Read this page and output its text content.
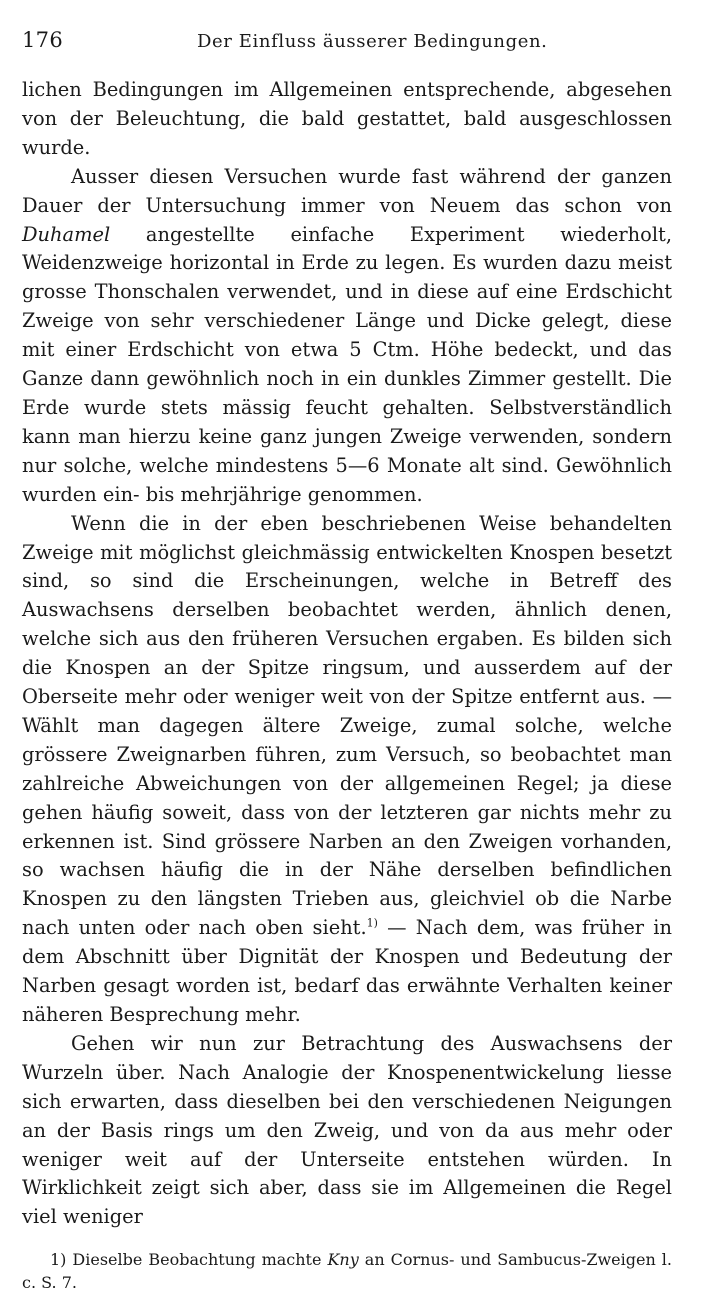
176	Der Einfluss äusserer Bedingungen.

lichen Bedingungen im Allgemeinen entsprechende, abgesehen von der Beleuchtung, die bald gestattet, bald ausgeschlossen wurde.

Ausser diesen Versuchen wurde fast während der ganzen Dauer der Untersuchung immer von Neuem das schon von Duhamel angestellte einfache Experiment wiederholt, Weidenzweige horizontal in Erde zu legen. Es wurden dazu meist grosse Thonschalen verwendet, und in diese auf eine Erdschicht Zweige von sehr verschiedener Länge und Dicke gelegt, diese mit einer Erdschicht von etwa 5 Ctm. Höhe bedeckt, und das Ganze dann gewöhnlich noch in ein dunkles Zimmer gestellt. Die Erde wurde stets mässig feucht gehalten. Selbstverständlich kann man hierzu keine ganz jungen Zweige verwenden, sondern nur solche, welche mindestens 5—6 Monate alt sind. Gewöhnlich wurden ein- bis mehrjährige genommen.

Wenn die in der eben beschriebenen Weise behandelten Zweige mit möglichst gleichmässig entwickelten Knospen besetzt sind, so sind die Erscheinungen, welche in Betreff des Auswachsens derselben beobachtet werden, ähnlich denen, welche sich aus den früheren Versuchen ergaben. Es bilden sich die Knospen an der Spitze ringsum, und ausserdem auf der Oberseite mehr oder weniger weit von der Spitze entfernt aus. — Wählt man dagegen ältere Zweige, zumal solche, welche grössere Zweignarben führen, zum Versuch, so beobachtet man zahlreiche Abweichungen von der allgemeinen Regel; ja diese gehen häufig soweit, dass von der letzteren gar nichts mehr zu erkennen ist. Sind grössere Narben an den Zweigen vorhanden, so wachsen häufig die in der Nähe derselben befindlichen Knospen zu den längsten Trieben aus, gleichviel ob die Narbe nach unten oder nach oben sieht.$^{1)}$ — Nach dem, was früher in dem Abschnitt über Dignität der Knospen und Bedeutung der Narben gesagt worden ist, bedarf das erwähnte Verhalten keiner näheren Besprechung mehr.

Gehen wir nun zur Betrachtung des Auswachsens der Wurzeln über. Nach Analogie der Knospenentwickelung liesse sich erwarten, dass dieselben bei den verschiedenen Neigungen an der Basis rings um den Zweig, und von da aus mehr oder weniger weit auf der Unterseite entstehen würden. In Wirklichkeit zeigt sich aber, dass sie im Allgemeinen die Regel viel weniger

1) Dieselbe Beobachtung machte Kny an Cornus- und Sambucus-Zweigen l. c. S. 7.
